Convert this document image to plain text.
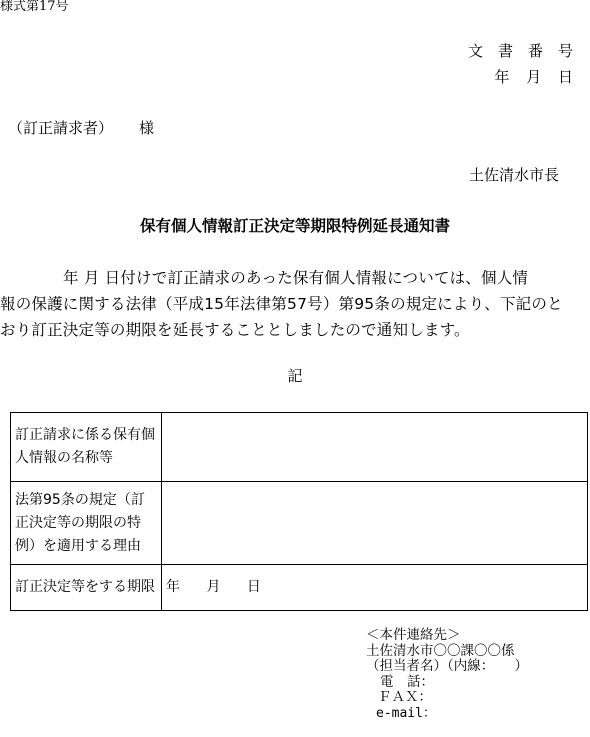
様式第17号
文書番号
年 月 日
（訂正請求者） 様
土佐清水市長
保有個人情報訂正決定等期限特例延長通知書
年 月 日付けで訂正請求のあった保有個人情報については、個人情
報の保護に関する法律（平成15年法律第57号）第95条の規定により、下記のと
おり訂正決定等の期限を延長することとしましたので通知します。
記
訂正請求に係る保有個人情報の名称等	
法第95条の規定（訂正決定等の期限の特例）を適用する理由	
訂正決定等をする期限	年 月 日
＜本件連絡先＞
土佐清水市〇〇課〇〇係
（担当者名）（内線：　　）
電　話：
ＦＡＸ：
e-mail：
